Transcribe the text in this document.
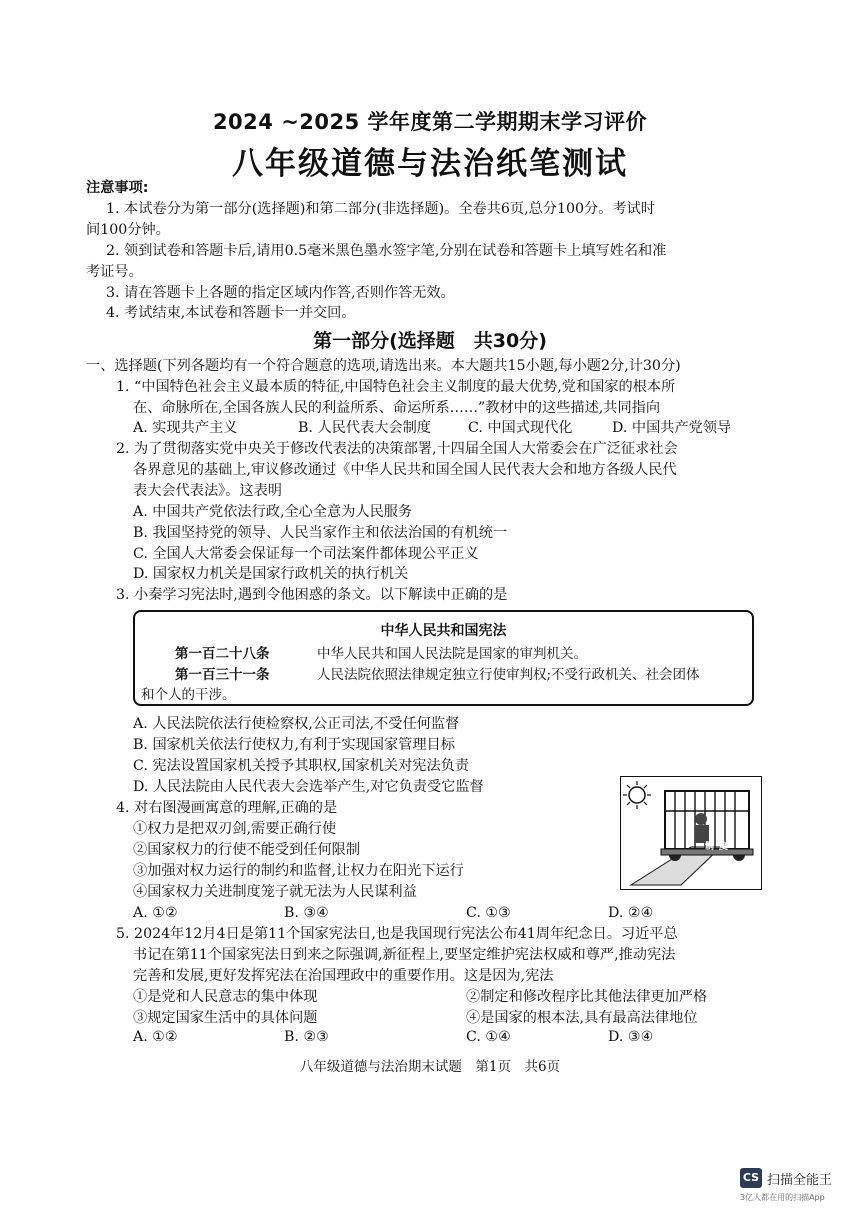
2024 ~2025 学年度第二学期期末学习评价
八年级道德与法治纸笔测试
注意事项:
1. 本试卷分为第一部分(选择题)和第二部分(非选择题)。全卷共6页,总分100分。考试时
间100分钟。
2. 领到试卷和答题卡后,请用0.5毫米黑色墨水签字笔,分别在试卷和答题卡上填写姓名和准
考证号。
3. 请在答题卡上各题的指定区域内作答,否则作答无效。
4. 考试结束,本试卷和答题卡一并交回。
第一部分(选择题　共30分)
一、选择题(下列各题均有一个符合题意的选项,请选出来。本大题共15小题,每小题2分,计30分)
1. “中国特色社会主义最本质的特征,中国特色社会主义制度的最大优势,党和国家的根本所
在、命脉所在,全国各族人民的利益所系、命运所系……”教材中的这些描述,共同指向
A. 实现共产主义	B. 人民代表大会制度	C. 中国式现代化	D. 中国共产党领导
2. 为了贯彻落实党中央关于修改代表法的决策部署,十四届全国人大常委会在广泛征求社会
各界意见的基础上,审议修改通过《中华人民共和国全国人民代表大会和地方各级人民代
表大会代表法》。这表明
A. 中国共产党依法行政,全心全意为人民服务
B. 我国坚持党的领导、人民当家作主和依法治国的有机统一
C. 全国人大常委会保证每一个司法案件都体现公平正义
D. 国家权力机关是国家行政机关的执行机关
3. 小秦学习宪法时,遇到令他困惑的条文。以下解读中正确的是
中华人民共和国宪法
第一百二十八条	中华人民共和国人民法院是国家的审判机关。
第一百三十一条	人民法院依照法律规定独立行使审判权;不受行政机关、社会团体
和个人的干涉。
A. 人民法院依法行使检察权,公正司法,不受任何监督
B. 国家机关依法行使权力,有利于实现国家管理目标
C. 宪法设置国家机关授予其职权,国家机关对宪法负责
D. 人民法院由人民代表大会选举产生,对它负责受它监督
4. 对右图漫画寓意的理解,正确的是
①权力是把双刃剑,需要正确行使
②国家权力的行使不能受到任何限制
③加强对权力运行的制约和监督,让权力在阳光下运行
④国家权力关进制度笼子就无法为人民谋利益
A. ①②	B. ③④	C. ①③	D. ②④
制 度
5. 2024年12月4日是第11个国家宪法日,也是我国现行宪法公布41周年纪念日。习近平总
书记在第11个国家宪法日到来之际强调,新征程上,要坚定维护宪法权威和尊严,推动宪法
完善和发展,更好发挥宪法在治国理政中的重要作用。这是因为,宪法
①是党和人民意志的集中体现	②制定和修改程序比其他法律更加严格
③规定国家生活中的具体问题	④是国家的根本法,具有最高法律地位
A. ①②	B. ②③	C. ①④	D. ③④
八年级道德与法治期末试题　第1页　共6页
CS 扫描全能王
3亿人都在用的扫描App
